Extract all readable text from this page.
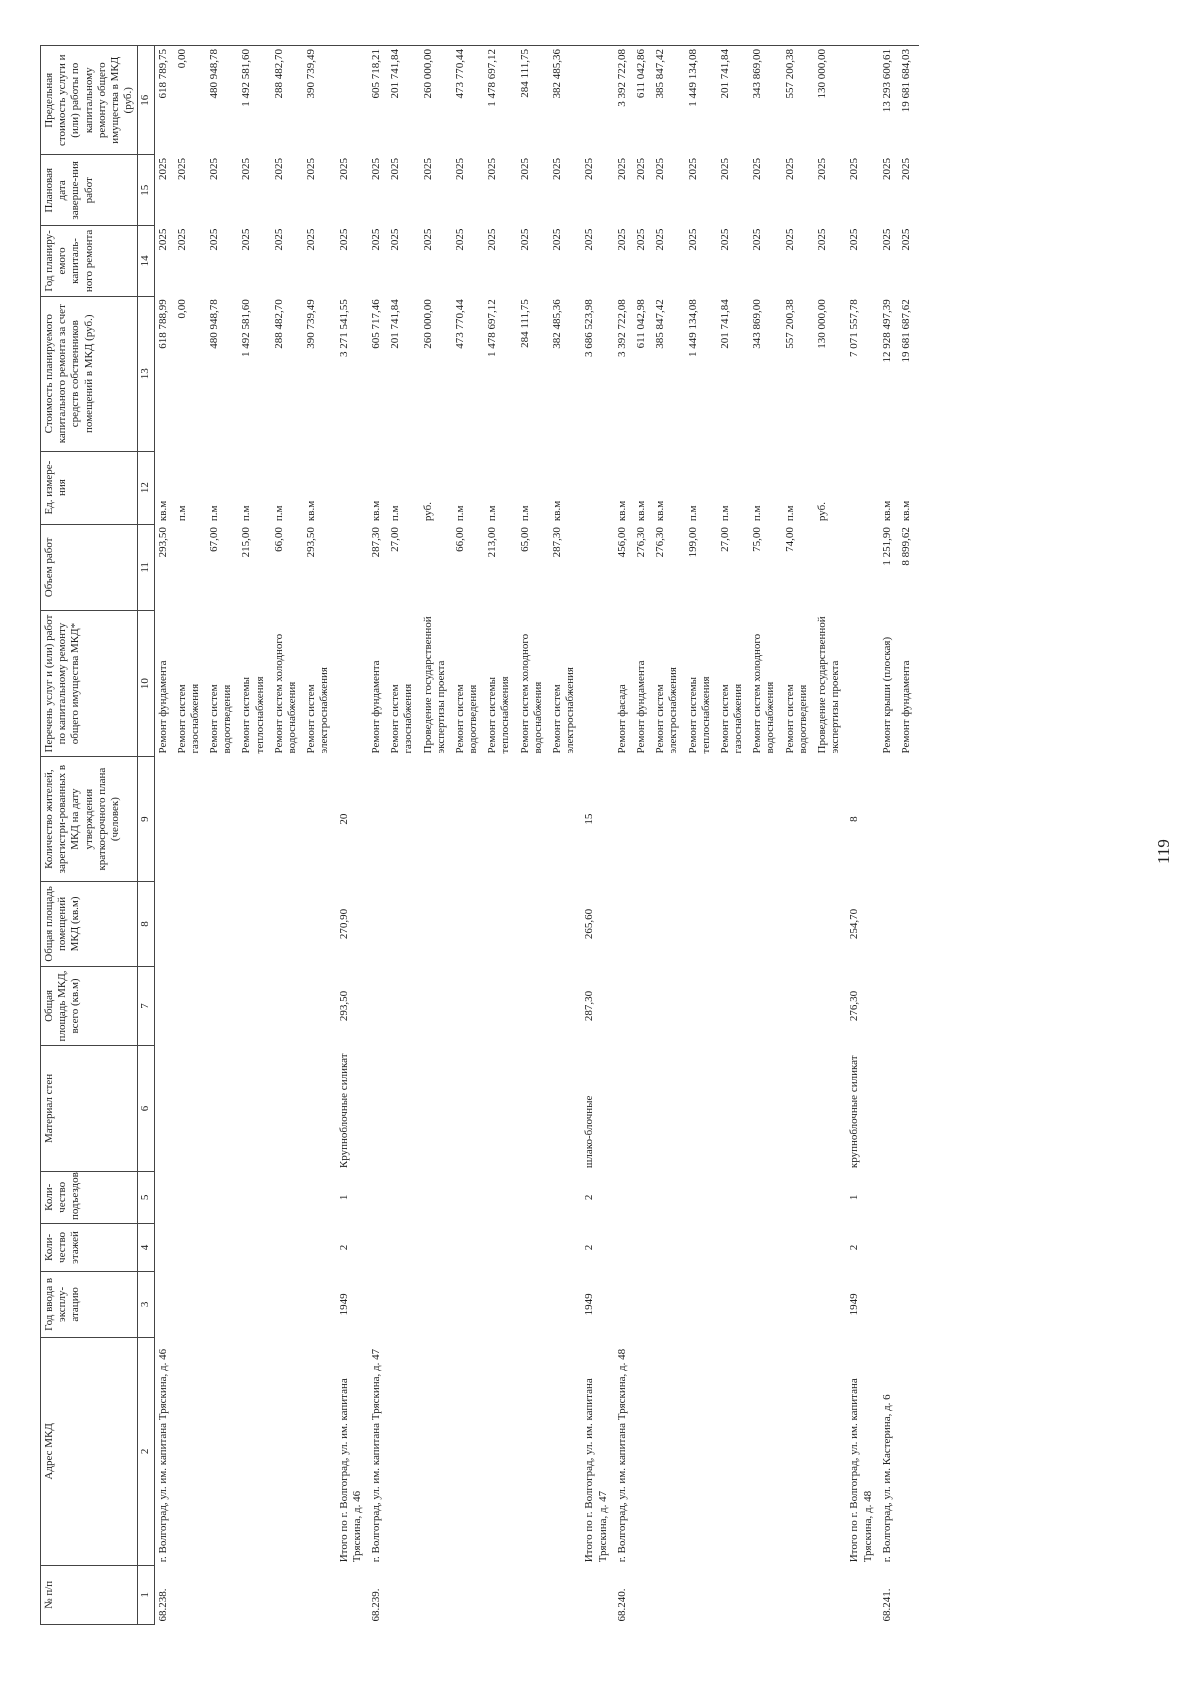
119
№ п/п	Адрес МКД	Год ввода в эксплу-атацию	Коли-чество этажей	Коли-чество подъездов	Материал стен	Общая площадь МКД, всего (кв.м)	Общая площадь помещений МКД (кв.м)	Количество жителей, зарегистри-рованных в МКД на дату утверждения краткосрочного плана (человек)	Перечень услуг и (или) работ по капитальному ремонту общего имущества МКД*	Объем работ	Ед. измере-ния	Стоимость планируемого капитального ремонта за счет средств собственников помещений в МКД (руб.)	Год планиру-емого капиталь-ного ремонта	Плановая дата заверше-ния работ	Предельная стоимость услуги и (или) работы по капитальному ремонту общего имущества в МКД (руб.)
1	2	3	4	5	6	7	8	9	10	11	12	13	14	15	16
68.238.	г. Волгоград, ул. им. капитана Тряскина, д. 46								Ремонт фундамента	293,50	кв.м	618 788,99	2025	2025	618 789,75
									Ремонт систем газоснабжения		п.м	0,00	2025	2025	0,00
									Ремонт систем водоотведения	67,00	п.м	480 948,78	2025	2025	480 948,78
									Ремонт системы теплоснабжения	215,00	п.м	1 492 581,60	2025	2025	1 492 581,60
									Ремонт систем холодного водоснабжения	66,00	п.м	288 482,70	2025	2025	288 482,70
									Ремонт систем электроснабжения	293,50	кв.м	390 739,49	2025	2025	390 739,49
	Итого по г. Волгоград, ул. им. капитана Тряскина, д. 46	1949	2	1	Крупноблочные силикат	293,50	270,90	20				3 271 541,55	2025	2025	
68.239.	г. Волгоград, ул. им. капитана Тряскина, д. 47								Ремонт фундамента	287,30	кв.м	605 717,46	2025	2025	605 718,21
									Ремонт систем газоснабжения	27,00	п.м	201 741,84	2025	2025	201 741,84
									Проведение государственной экспертизы проекта		руб.	260 000,00	2025	2025	260 000,00
									Ремонт систем водоотведения	66,00	п.м	473 770,44	2025	2025	473 770,44
									Ремонт системы теплоснабжения	213,00	п.м	1 478 697,12	2025	2025	1 478 697,12
									Ремонт систем холодного водоснабжения	65,00	п.м	284 111,75	2025	2025	284 111,75
									Ремонт систем электроснабжения	287,30	кв.м	382 485,36	2025	2025	382 485,36
	Итого по г. Волгоград, ул. им. капитана Тряскина, д. 47	1949	2	2	шлако-блочные	287,30	265,60	15				3 686 523,98	2025	2025	
68.240.	г. Волгоград, ул. им. капитана Тряскина, д. 48								Ремонт фасада	456,00	кв.м	3 392 722,08	2025	2025	3 392 722,08
									Ремонт фундамента	276,30	кв.м	611 042,98	2025	2025	611 042,86
									Ремонт систем электроснабжения	276,30	кв.м	385 847,42	2025	2025	385 847,42
									Ремонт системы теплоснабжения	199,00	п.м	1 449 134,08	2025	2025	1 449 134,08
									Ремонт систем газоснабжения	27,00	п.м	201 741,84	2025	2025	201 741,84
									Ремонт систем холодного водоснабжения	75,00	п.м	343 869,00	2025	2025	343 869,00
									Ремонт систем водоотведения	74,00	п.м	557 200,38	2025	2025	557 200,38
									Проведение государственной экспертизы проекта		руб.	130 000,00	2025	2025	130 000,00
	Итого по г. Волгоград, ул. им. капитана Тряскина, д. 48	1949	2	1	крупноблочные силикат	276,30	254,70	8				7 071 557,78	2025	2025	
68.241.	г. Волгоград, ул. им. Кастерина, д. 6								Ремонт крыши (плоская)	1 251,90	кв.м	12 928 497,39	2025	2025	13 293 600,61
									Ремонт фундамента	8 899,62	кв.м	19 681 687,62	2025	2025	19 681 684,03
